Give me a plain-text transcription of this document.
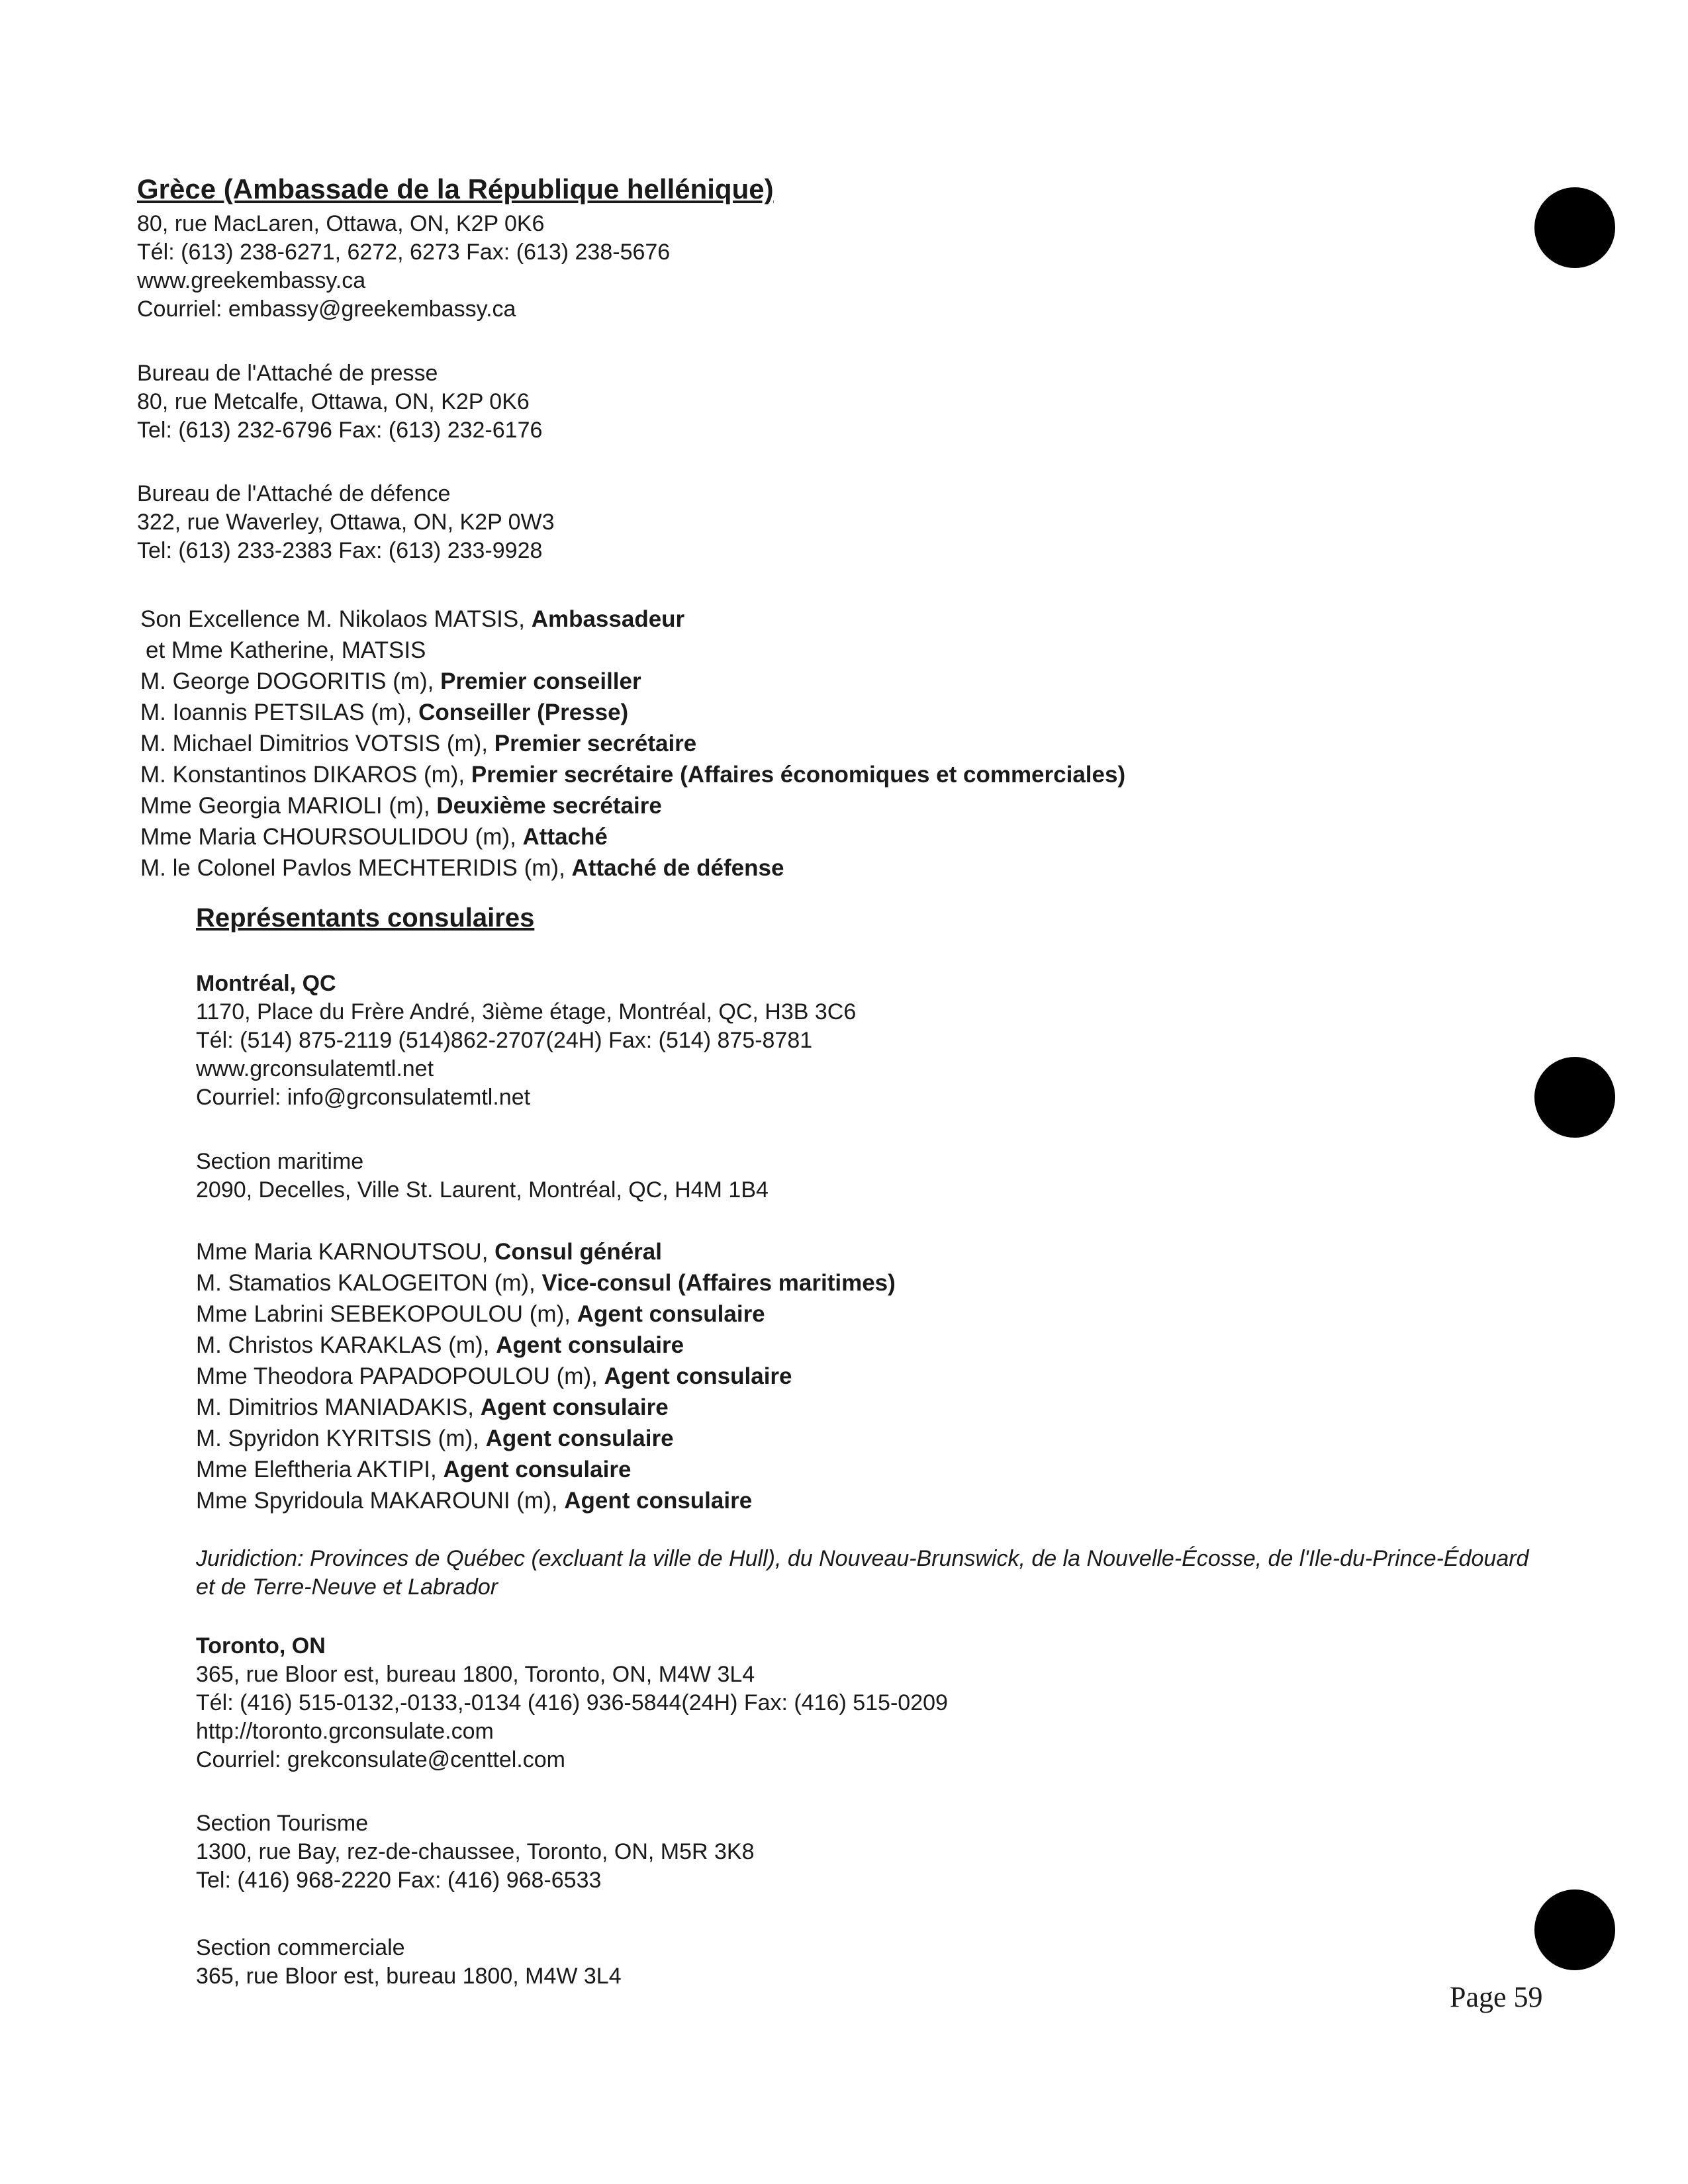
Grèce (Ambassade de la République hellénique)
80, rue MacLaren, Ottawa, ON, K2P 0K6
Tél: (613) 238-6271, 6272, 6273 Fax: (613) 238-5676
www.greekembassy.ca
Courriel: embassy@greekembassy.ca
Bureau de l'Attaché de presse
80, rue Metcalfe, Ottawa, ON, K2P 0K6
Tel: (613) 232-6796 Fax: (613) 232-6176
Bureau de l'Attaché de défence
322, rue Waverley, Ottawa, ON, K2P 0W3
Tel: (613) 233-2383 Fax: (613) 233-9928
Son Excellence M. Nikolaos MATSIS, Ambassadeur
et Mme Katherine, MATSIS
M. George DOGORITIS (m), Premier conseiller
M. Ioannis PETSILAS (m), Conseiller (Presse)
M. Michael Dimitrios VOTSIS (m), Premier secrétaire
M. Konstantinos DIKAROS (m), Premier secrétaire (Affaires économiques et commerciales)
Mme Georgia MARIOLI (m), Deuxième secrétaire
Mme Maria CHOURSOULIDOU (m), Attaché
M. le Colonel Pavlos MECHTERIDIS (m), Attaché de défense
Représentants consulaires
Montréal, QC
1170, Place du Frère André, 3ième étage, Montréal, QC, H3B 3C6
Tél: (514) 875-2119 (514)862-2707(24H) Fax: (514) 875-8781
www.grconsulatemtl.net
Courriel: info@grconsulatemtl.net
Section maritime
2090, Decelles, Ville St. Laurent, Montréal, QC, H4M 1B4
Mme Maria KARNOUTSOU, Consul général
M. Stamatios KALOGEITON (m), Vice-consul (Affaires maritimes)
Mme Labrini SEBEKOPOULOU (m), Agent consulaire
M. Christos KARAKLAS (m), Agent consulaire
Mme Theodora PAPADOPOULOU (m), Agent consulaire
M. Dimitrios MANIADAKIS, Agent consulaire
M. Spyridon KYRITSIS (m), Agent consulaire
Mme Eleftheria AKTIPI, Agent consulaire
Mme Spyridoula MAKAROUNI (m), Agent consulaire
Juridiction: Provinces de Québec (excluant la ville de Hull), du Nouveau-Brunswick, de la Nouvelle-Écosse, de l'Ile-du-Prince-Édouard et de Terre-Neuve et Labrador
Toronto, ON
365, rue Bloor est, bureau 1800, Toronto, ON, M4W 3L4
Tél: (416) 515-0132,-0133,-0134 (416) 936-5844(24H) Fax: (416) 515-0209
http://toronto.grconsulate.com
Courriel: grekconsulate@centtel.com
Section Tourisme
1300, rue Bay, rez-de-chaussee, Toronto, ON, M5R 3K8
Tel: (416) 968-2220 Fax: (416) 968-6533
Section commerciale
365, rue Bloor est, bureau 1800, M4W 3L4
Page 59
